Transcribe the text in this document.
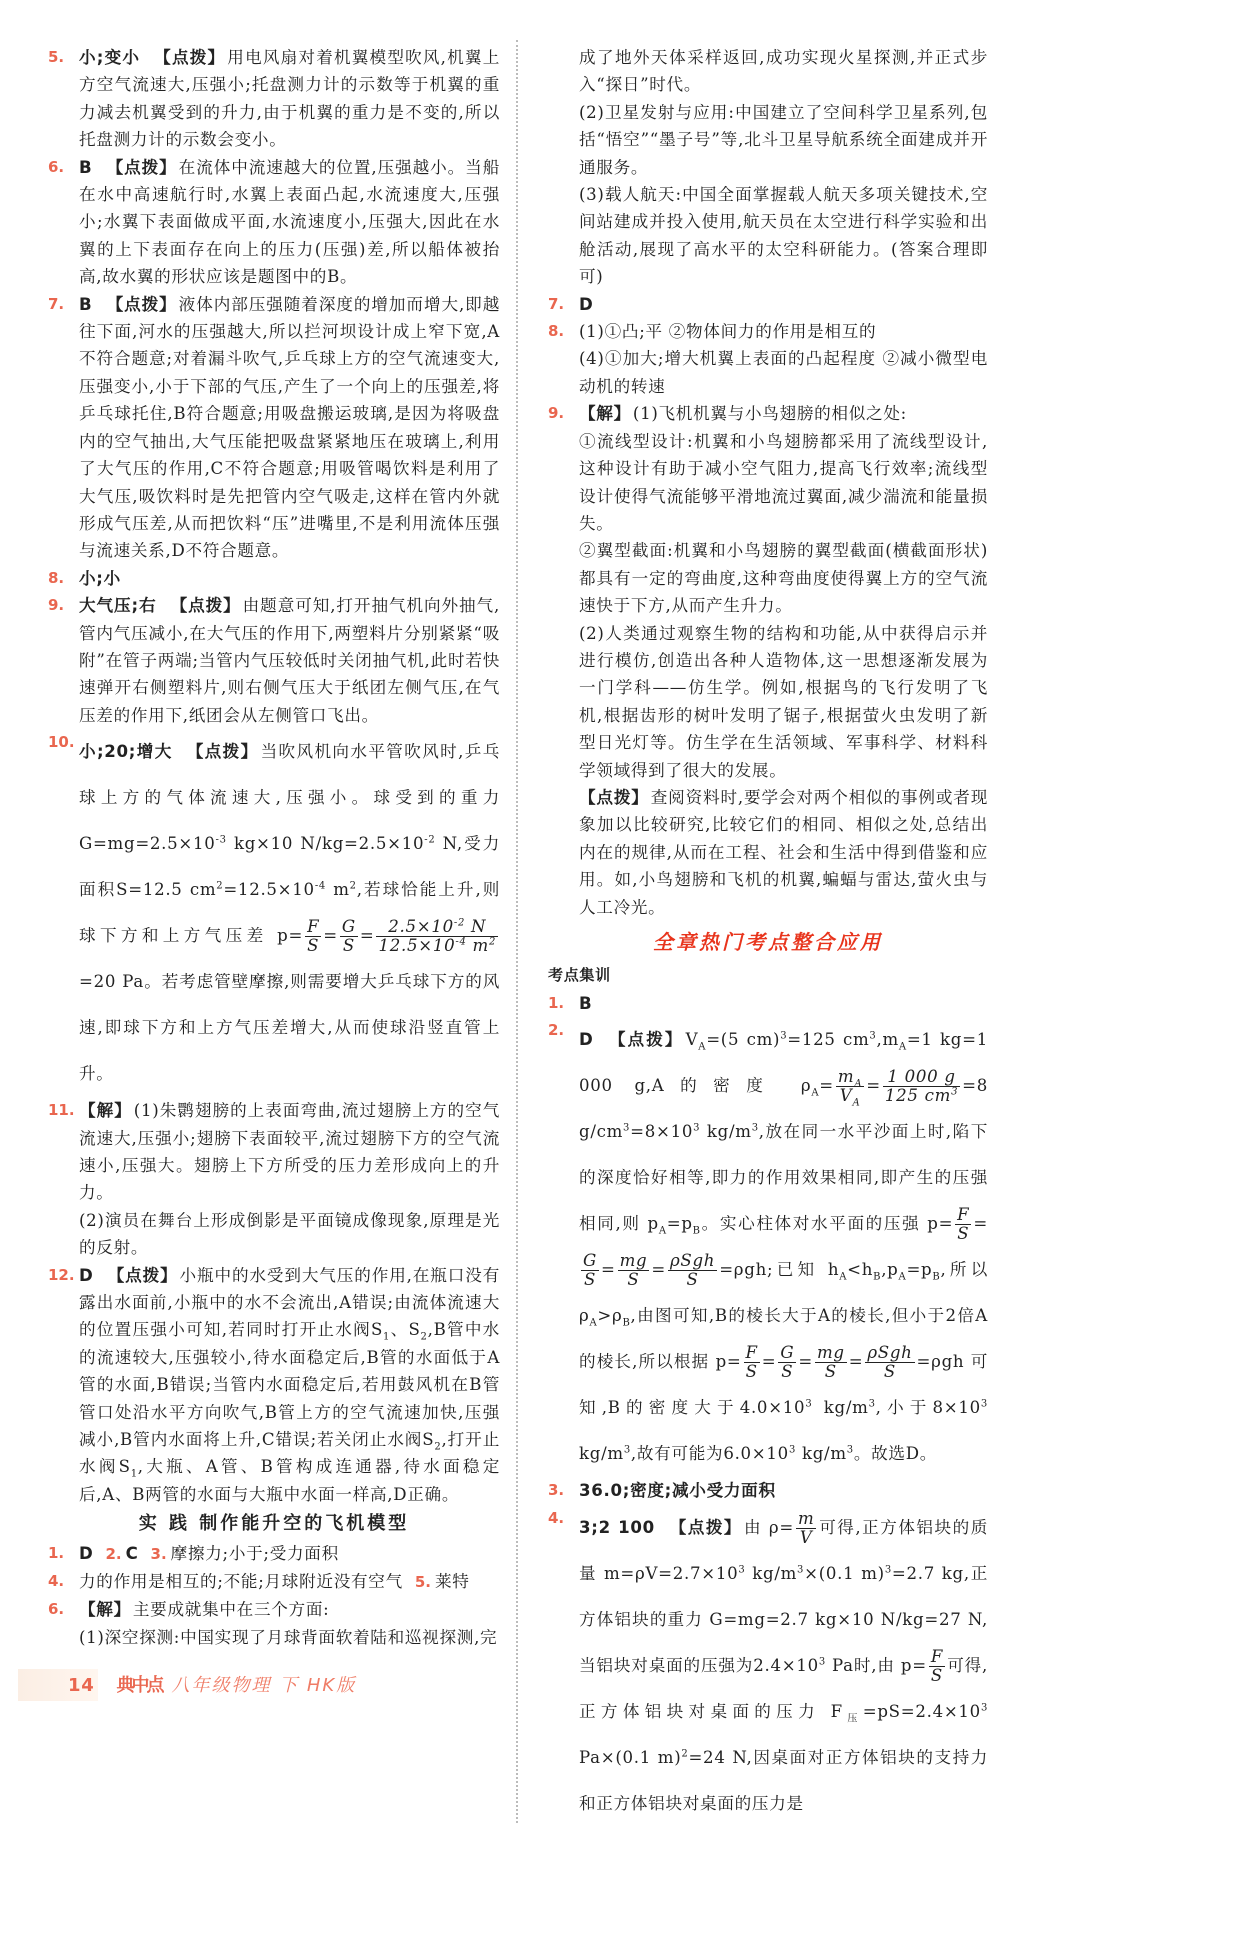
5. 小;变小 【点拨】 用电风扇对着机翼模型吹风,机翼上方空气流速大,压强小;托盘测力计的示数等于机翼的重力减去机翼受到的升力,由于机翼的重力是不变的,所以托盘测力计的示数会变小。

6. B 【点拨】 在流体中流速越大的位置,压强越小。当船在水中高速航行时,水翼上表面凸起,水流速度大,压强小;水翼下表面做成平面,水流速度小,压强大,因此在水翼的上下表面存在向上的压力(压强)差,所以船体被抬高,故水翼的形状应该是题图中的B。

7. B 【点拨】 液体内部压强随着深度的增加而增大,即越往下面,河水的压强越大,所以拦河坝设计成上窄下宽,A不符合题意;对着漏斗吹气,乒乓球上方的空气流速变大,压强变小,小于下部的气压,产生了一个向上的压强差,将乒乓球托住,B符合题意;用吸盘搬运玻璃,是因为将吸盘内的空气抽出,大气压能把吸盘紧紧地压在玻璃上,利用了大气压的作用,C不符合题意;用吸管喝饮料是利用了大气压,吸饮料时是先把管内空气吸走,这样在管内外就形成气压差,从而把饮料“压”进嘴里,不是利用流体压强与流速关系,D不符合题意。

8. 小;小

9. 大气压;右 【点拨】 由题意可知,打开抽气机向外抽气,管内气压减小,在大气压的作用下,两塑料片分别紧紧“吸附”在管子两端;当管内气压较低时关闭抽气机,此时若快速弹开右侧塑料片,则右侧气压大于纸团左侧气压,在气压差的作用下,纸团会从左侧管口飞出。

10. 小;20;增大 【点拨】 当吹风机向水平管吹风时,乒乓球上方的气体流速大,压强小。球受到的重力$G=mg=2.5\times 10^{-3}$ kg×10 $N/kg=2.5\times 10^{-2}$ N,受力面积S=12.5 $cm^2=12.5\times 10^{-4}$ $m^2$,若球恰能上升,则球下方和上方气压差 $p= \frac{F}{S} = \frac{G}{S} = \frac{2.5\times 10^{-2} N}{12.5\times 10^{-4} m^2}$
=20 Pa。若考虑管壁摩擦,则需要增大乒乓球下方的风速,即球下方和上方气压差增大,从而使球沿竖直管上升。

11. 【解】 (1)朱鹮翅膀的上表面弯曲,流过翅膀上方的空气流速大,压强小;翅膀下表面较平,流过翅膀下方的空气流速小,压强大。翅膀上下方所受的压力差形成向上的升力。

(2)演员在舞台上形成倒影是平面镜成像现象,原理是光的反射。

12. D 【点拨】 小瓶中的水受到大气压的作用,在瓶口没有露出水面前,小瓶中的水不会流出,A错误;由流体流速大的位置压强小可知,若同时打开止水阀$S_1$、$S_2,B$管中水的流速较大,压强较小,待水面稳定后,B管的水面低于A管的水面,B错误;当管内水面稳定后,若用鼓风机在B管管口处沿水平方向吹气,B管上方的空气流速加快,压强减小,B管内水面将上升,C错误;若关闭止水阀$S_2$,打开止水阀$S_1$,大瓶、A管、B管构成连通器,待水面稳定后,A、B两管的水面与大瓶中水面一样高,D正确。

实 践 制作能升空的飞机模型
1. D 2. C 3. 摩擦力;小于;受力面积
4. 力的作用是相互的;不能;月球附近没有空气 5. 莱特
6. 【解】 主要成就集中在三个方面:

(1)深空探测:中国实现了月球背面软着陆和巡视探测,完

14 典中点 八年级物理 下 HK版

成了地外天体采样返回,成功实现火星探测,并正式步入“探日”时代。

(2)卫星发射与应用:中国建立了空间科学卫星系列,包括“悟空”“墨子号”等,北斗卫星导航系统全面建成并开通服务。

(3)载人航天:中国全面掌握载人航天多项关键技术,空间站建成并投入使用,航天员在太空进行科学实验和出舱活动,展现了高水平的太空科研能力。(答案合理即可)

7. D

8. (1)①凸;平 ②物体间力的作用是相互的

(4)①加大;增大机翼上表面的凸起程度 ②减小微型电动机的转速

9. 【解】 (1)飞机机翼与小鸟翅膀的相似之处:

①流线型设计:机翼和小鸟翅膀都采用了流线型设计,这种设计有助于减小空气阻力,提高飞行效率;流线型设计使得气流能够平滑地流过翼面,减少湍流和能量损失。

②翼型截面:机翼和小鸟翅膀的翼型截面(横截面形状)都具有一定的弯曲度,这种弯曲度使得翼上方的空气流速快于下方,从而产生升力。

(2)人类通过观察生物的结构和功能,从中获得启示并进行模仿,创造出各种人造物体,这一思想逐渐发展为一门学科——仿生学。例如,根据鸟的飞行发明了飞机,根据齿形的树叶发明了锯子,根据萤火虫发明了新型日光灯等。仿生学在生活领域、军事科学、材料科学领域得到了很大的发展。

【点拨】 查阅资料时,要学会对两个相似的事例或者现象加以比较研究,比较它们的相同、相似之处,总结出内在的规律,从而在工程、社会和生活中得到借鉴和应用。如,小鸟翅膀和飞机的机翼,蝙蝠与雷达,萤火虫与人工冷光。

全章热门考点整合应用
考点集训
1. B

2. D 【点拨】 $V_A=(5$ cm)$^3$=125 $cm^3,m_A=1$ kg=1 000 g,A的密度 $\rho_A= \frac{m_A}{V_A} = \frac{1 000 g}{125 cm^3} =8$ $g/cm^3=8\times 10^3$ $kg/m^3$,放在同一水平沙面上时,陷下的深度恰好相等,即力的作用效果相同,即产生的压强相同,则 $p_A=p_B$。实心柱体对水平面的压强 $p= \frac{F}{S}$ =
$\frac{G}{S} = \frac{mg}{S} = \frac{\text{ρSgh}}{S} =\rho gh$;已知 $h_A<h_B,p_A=p_B$,所以 $\rho_A>\rho_B$,由图可知,B的棱长大于A的棱长,但小于2倍A的棱长,所以根据 $p= \frac{F}{S} = \frac{G}{S} = \frac{mg}{S} = \frac{\text{ρSgh}}{S} =\rho gh$ 可知,B的密度大于$4.0\times 10^3$ $kg/m^3$,小于$8\times 10^3$ $kg/m^3$,故有可能为$6.0\times 10^3$ $kg/m^3$。故选D。

3. 36.0;密度;减小受力面积

4. 3;2 100 【点拨】 由 $\rho= \frac{m}{V}$ 可得,正方体铝块的质量 $m=\rho V=2.7\times 10^3$ $kg/m^3\times(0.1$ m)$^3$=2.7 kg,正方体铝块的重力 G=mg=2.7 kg×10 N/kg=27 N,当铝块对桌面的压强为$2.4\times 10^3$ Pa时,由 $p= \frac{F}{S}$ 可得,正方体铝块对桌面的压力 $F_压=pS=2.4\times 10^3$ Pa×(0.1 m)$^2$=24 N,因桌面对正方体铝块的支持力和正方体铝块对桌面的压力是
